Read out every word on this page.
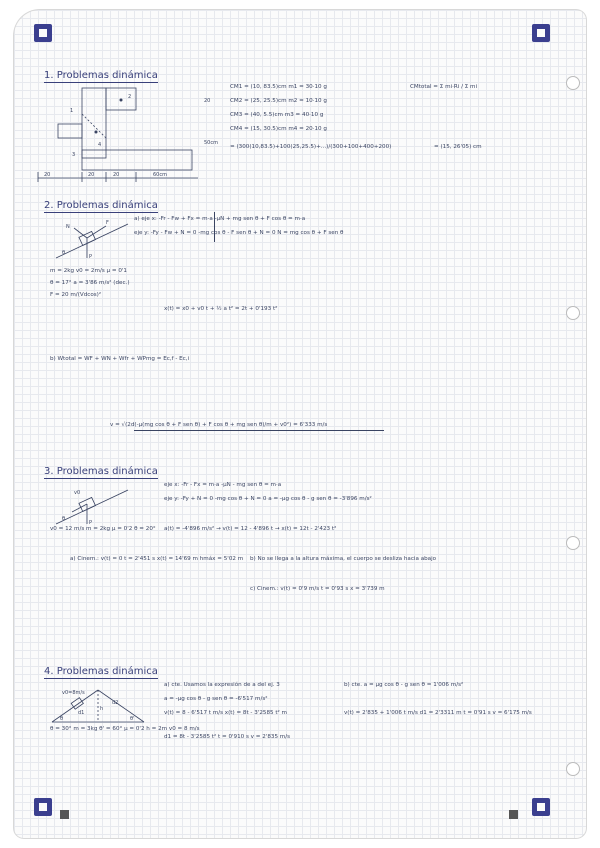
1. Problemas dinámica
1
2
4
3
20	20	20	60cm
20
50cm
CM1 = (10, 83.5)cm m1 = 30·10 g
CM2 = (25, 25.5)cm m2 = 10·10 g
CM3 = (40, 5.5)cm m3 = 40·10 g
CM4 = (15, 30.5)cm m4 = 20·10 g
CMtotal = Σ mi·Ri / Σ mi
= (300(10,83.5)+100(25,25.5)+...)/(300+100+400+200)	= (15, 26'05) cm
2. Problemas dinámica
F
P
N
θ
a) eje x: -Fr - Fw + Fx = m·a -μN + mg sen θ + F cos θ = m·a
eje y: -Fy - Fw + N = 0 -mg cos θ - F sen θ + N = 0 N = mg cos θ + F sen θ
m = 2kg v0 = 2m/s μ = 0'1
θ = 17° a = 3'86 m/s² (dec.)
F = 20 m/(Vdcos)²
x(t) = x0 + v0 t + ½ a t² = 2t + 0'193 t²
b) Wtotal = WF + WN + Wfr + WPmg = Ec,f - Ec,i
v = √(2d(-μ(mg cos θ + F sen θ) + F cos θ + mg sen θ)/m + v0²) = 6'333 m/s
3. Problemas dinámica
P
θ
v0
eje x: -Fr - Fx = m·a -μN - mg sen θ = m·a
eje y: -Fy + N = 0 -mg cos θ + N = 0 a = -μg cos θ - g sen θ = -3'896 m/s²
v0 = 12 m/s m = 2kg μ = 0'2 θ = 20° a(t) = -4'896 m/s² → v(t) = 12 - 4'896 t → x(t) = 12t - 2'423 t²
a) Cinem.: v(t) = 0 t = 2'451 s x(t) = 14'69 m hmáx = 5'02 m b) No se llega a la altura máxima, el cuerpo se desliza hacia abajo
c) Cinem.: v(t) = 0'9 m/s t = 0'93 s x = 3'739 m
4. Problemas dinámica
v0=8m/s
θ	θ'
h
d1
d2
θ = 30° m = 3kg θ' = 60° μ = 0'2 h = 2m v0 = 8 m/s
a) cte. Usamos la expresión de a del ej. 3
a = -μg cos θ - g sen θ = -6'517 m/s²
v(t) = 8 - 6'517 t m/s x(t) = 8t - 3'2585 t² m
d1 = 8t - 3'2585 t² t = 0'910 s v = 2'835 m/s
b) cte. a = μg cos θ - g sen θ = 1'006 m/s²
v(t) = 2'835 + 1'006 t m/s d1 = 2'3311 m t = 0'91 s v = 6'175 m/s
